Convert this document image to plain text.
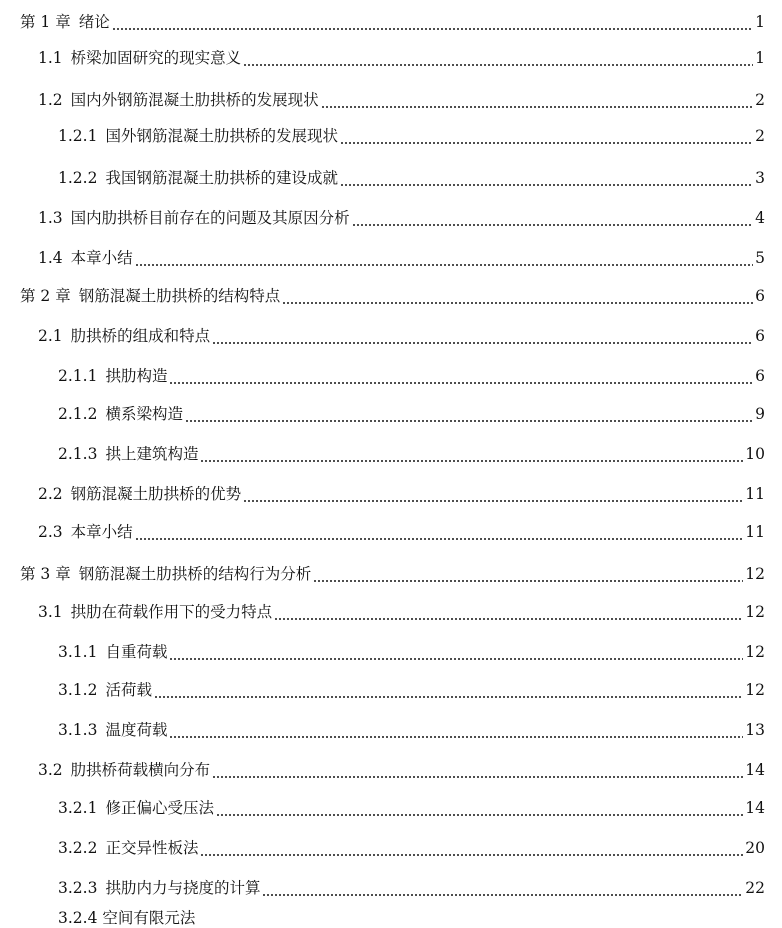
第 1 章 绪论	1
1.1 桥梁加固研究的现实意义	1
1.2 国内外钢筋混凝土肋拱桥的发展现状	2
1.2.1 国外钢筋混凝土肋拱桥的发展现状	2
1.2.2 我国钢筋混凝土肋拱桥的建设成就	3
1.3 国内肋拱桥目前存在的问题及其原因分析	4
1.4 本章小结	5
第 2 章 钢筋混凝土肋拱桥的结构特点	6
2.1 肋拱桥的组成和特点	6
2.1.1 拱肋构造	6
2.1.2 横系梁构造	9
2.1.3 拱上建筑构造	10
2.2 钢筋混凝土肋拱桥的优势	11
2.3 本章小结	11
第 3 章 钢筋混凝土肋拱桥的结构行为分析	12
3.1 拱肋在荷载作用下的受力特点	12
3.1.1 自重荷载	12
3.1.2 活荷载	12
3.1.3 温度荷载	13
3.2 肋拱桥荷载横向分布	14
3.2.1 修正偏心受压法	14
3.2.2 正交异性板法	20
3.2.3 拱肋内力与挠度的计算	22
3.2.4 空间有限元法
